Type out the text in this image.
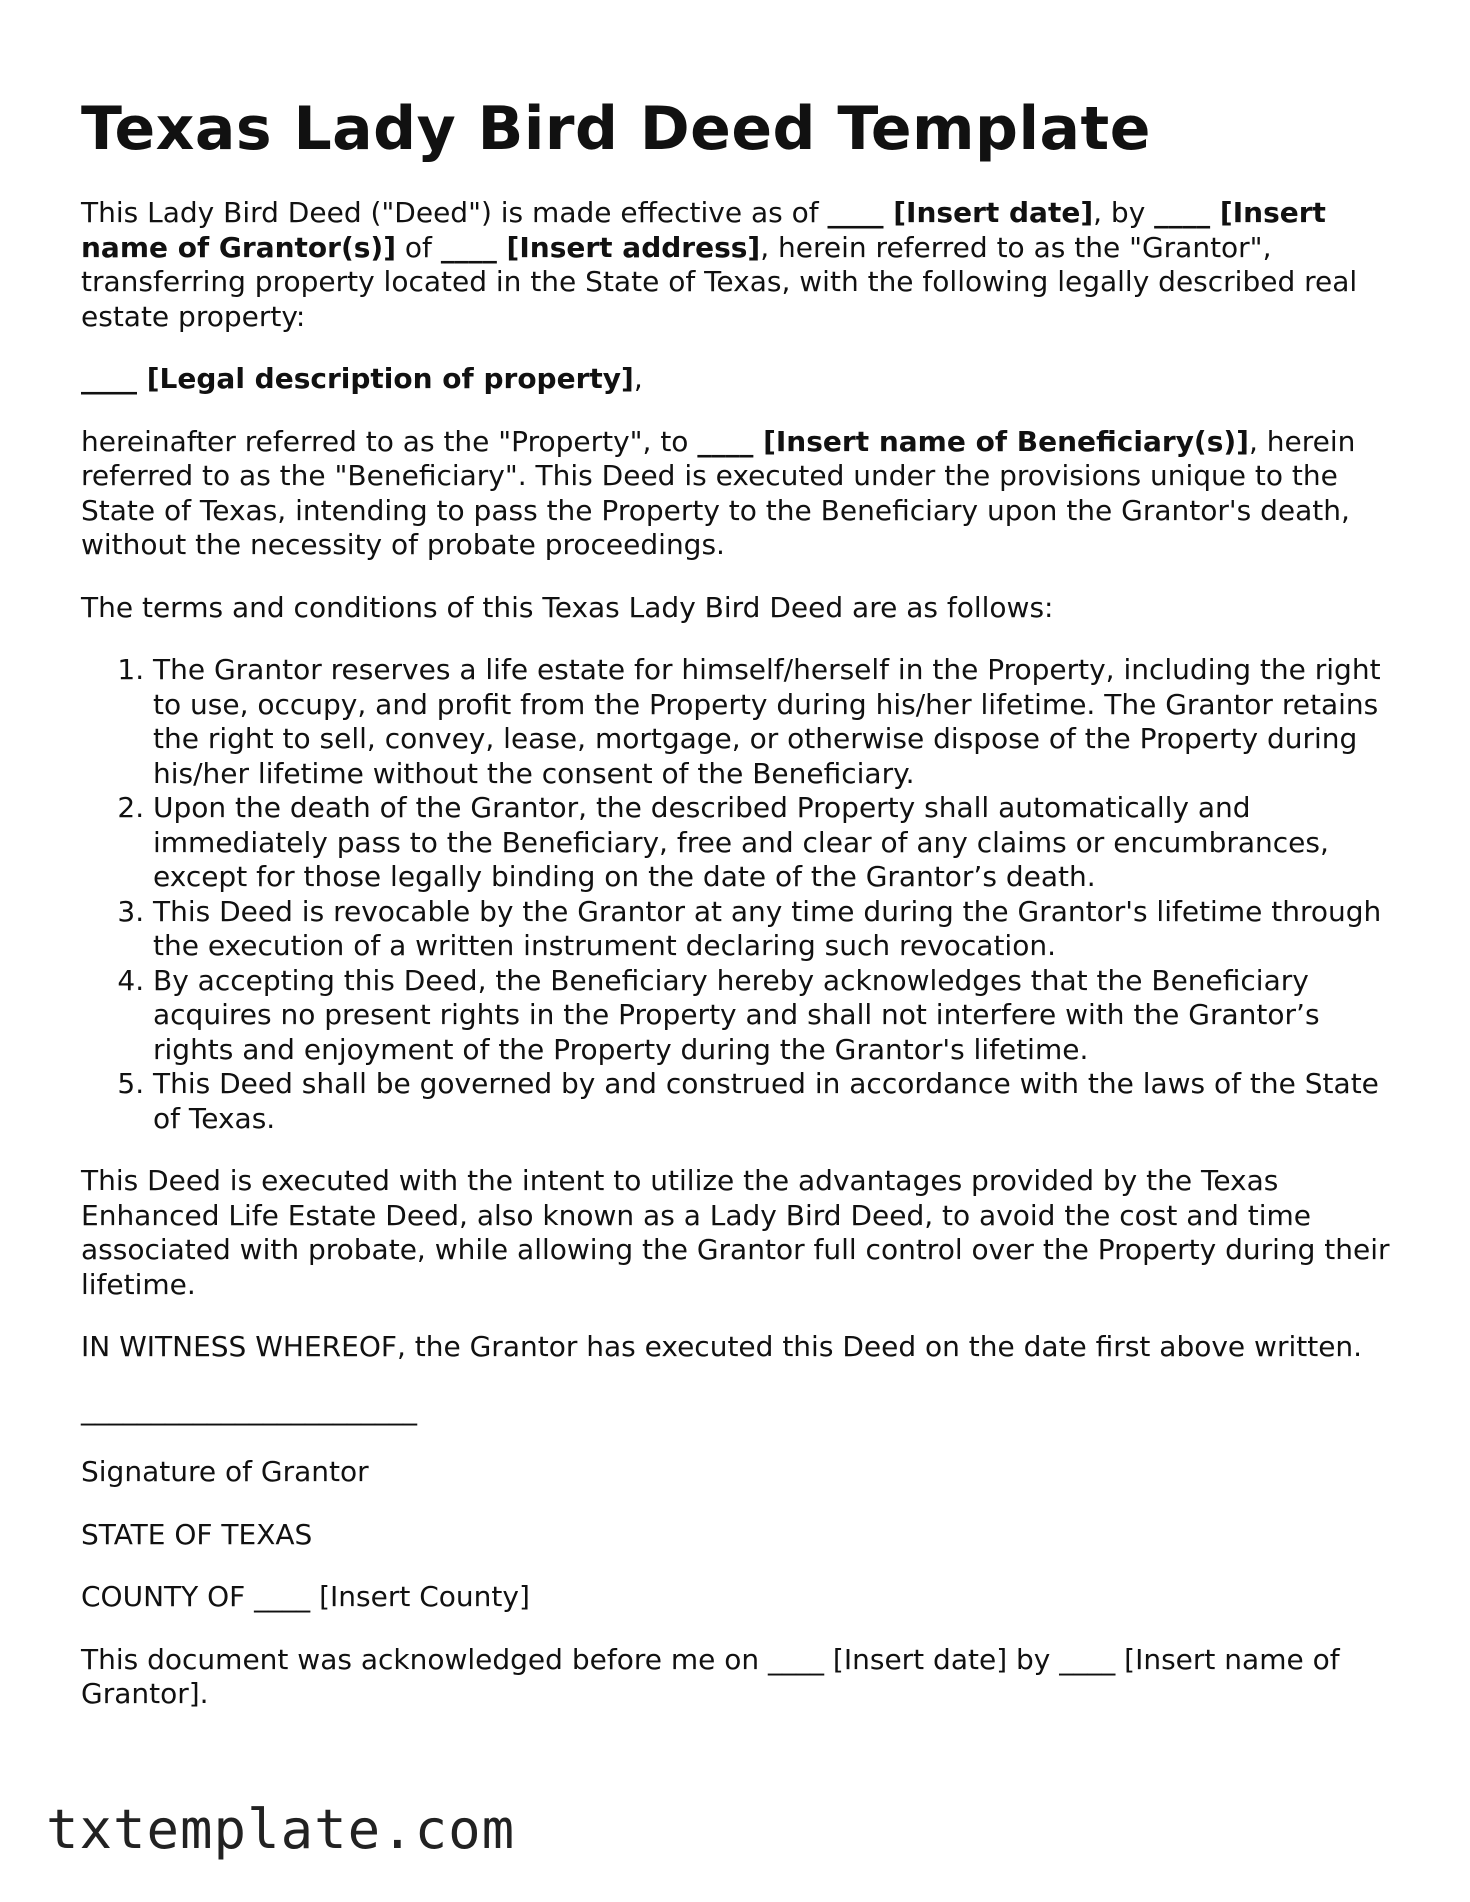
Texas Lady Bird Deed Template

This Lady Bird Deed ("Deed") is made effective as of ____ [Insert date], by ____ [Insert name of Grantor(s)] of ____ [Insert address], herein referred to as the "Grantor", transferring property located in the State of Texas, with the following legally described real estate property:

____ [Legal description of property],

hereinafter referred to as the "Property", to ____ [Insert name of Beneficiary(s)], herein referred to as the "Beneficiary". This Deed is executed under the provisions unique to the State of Texas, intending to pass the Property to the Beneficiary upon the Grantor's death, without the necessity of probate proceedings.

The terms and conditions of this Texas Lady Bird Deed are as follows:

1. The Grantor reserves a life estate for himself/herself in the Property, including the right to use, occupy, and profit from the Property during his/her lifetime. The Grantor retains the right to sell, convey, lease, mortgage, or otherwise dispose of the Property during his/her lifetime without the consent of the Beneficiary.
2. Upon the death of the Grantor, the described Property shall automatically and immediately pass to the Beneficiary, free and clear of any claims or encumbrances, except for those legally binding on the date of the Grantor’s death.
3. This Deed is revocable by the Grantor at any time during the Grantor's lifetime through the execution of a written instrument declaring such revocation.
4. By accepting this Deed, the Beneficiary hereby acknowledges that the Beneficiary acquires no present rights in the Property and shall not interfere with the Grantor’s rights and enjoyment of the Property during the Grantor's lifetime.
5. This Deed shall be governed by and construed in accordance with the laws of the State of Texas.

This Deed is executed with the intent to utilize the advantages provided by the Texas Enhanced Life Estate Deed, also known as a Lady Bird Deed, to avoid the cost and time associated with probate, while allowing the Grantor full control over the Property during their lifetime.

IN WITNESS WHEREOF, the Grantor has executed this Deed on the date first above written.

________________________

Signature of Grantor

STATE OF TEXAS

COUNTY OF ____ [Insert County]

This document was acknowledged before me on ____ [Insert date] by ____ [Insert name of Grantor].

txtemplate.com
